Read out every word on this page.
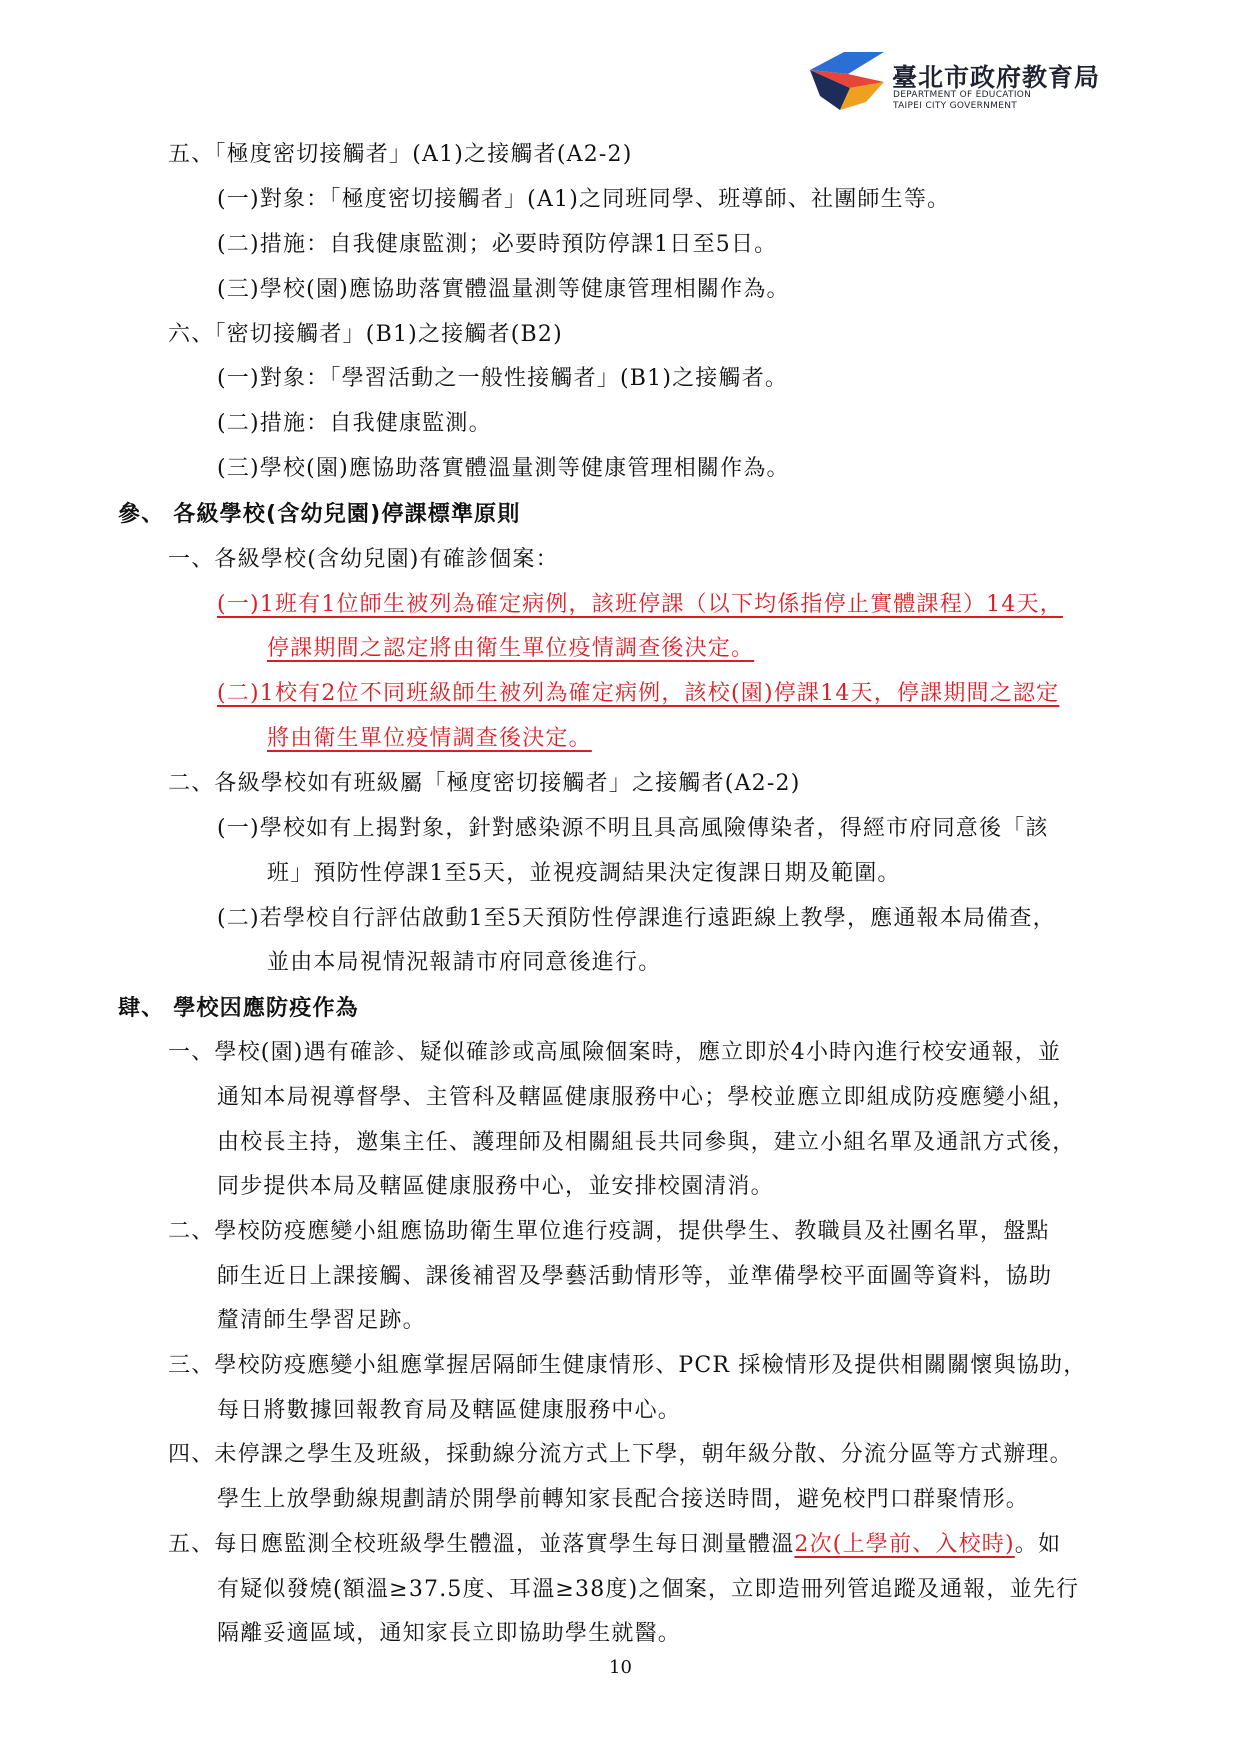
臺北市政府教育局
DEPARTMENT OF EDUCATION
TAIPEI CITY GOVERNMENT
五、「極度密切接觸者」(A1)之接觸者(A2-2)
(一)對象：「極度密切接觸者」(A1)之同班同學、班導師、社團師生等。
(二)措施：自我健康監測；必要時預防停課1日至5日。
(三)學校(園)應協助落實體溫量測等健康管理相關作為。
六、「密切接觸者」(B1)之接觸者(B2)
(一)對象：「學習活動之一般性接觸者」(B1)之接觸者。
(二)措施：自我健康監測。
(三)學校(園)應協助落實體溫量測等健康管理相關作為。
參、 各級學校(含幼兒園)停課標準原則
一、各級學校(含幼兒園)有確診個案：
(一)1班有1位師生被列為確定病例，該班停課（以下均係指停止實體課程）14天，
停課期間之認定將由衛生單位疫情調查後決定。
(二)1校有2位不同班級師生被列為確定病例，該校(園)停課14天，停課期間之認定
將由衛生單位疫情調查後決定。
二、各級學校如有班級屬「極度密切接觸者」之接觸者(A2-2)
(一)學校如有上揭對象，針對感染源不明且具高風險傳染者，得經市府同意後「該
班」預防性停課1至5天，並視疫調結果決定復課日期及範圍。
(二)若學校自行評估啟動1至5天預防性停課進行遠距線上教學，應通報本局備查，
並由本局視情況報請市府同意後進行。
肆、 學校因應防疫作為
一、學校(園)遇有確診、疑似確診或高風險個案時，應立即於4小時內進行校安通報，並
通知本局視導督學、主管科及轄區健康服務中心；學校並應立即組成防疫應變小組，
由校長主持，邀集主任、護理師及相關組長共同參與，建立小組名單及通訊方式後，
同步提供本局及轄區健康服務中心，並安排校園清消。
二、學校防疫應變小組應協助衛生單位進行疫調，提供學生、教職員及社團名單，盤點
師生近日上課接觸、課後補習及學藝活動情形等，並準備學校平面圖等資料，協助
釐清師生學習足跡。
三、學校防疫應變小組應掌握居隔師生健康情形、PCR 採檢情形及提供相關關懷與協助，
每日將數據回報教育局及轄區健康服務中心。
四、未停課之學生及班級，採動線分流方式上下學，朝年級分散、分流分區等方式辦理。
學生上放學動線規劃請於開學前轉知家長配合接送時間，避免校門口群聚情形。
五、每日應監測全校班級學生體溫，並落實學生每日測量體溫2次(上學前、入校時)。如
有疑似發燒(額溫≥37.5度、耳溫≥38度)之個案，立即造冊列管追蹤及通報，並先行
隔離妥適區域，通知家長立即協助學生就醫。
10
